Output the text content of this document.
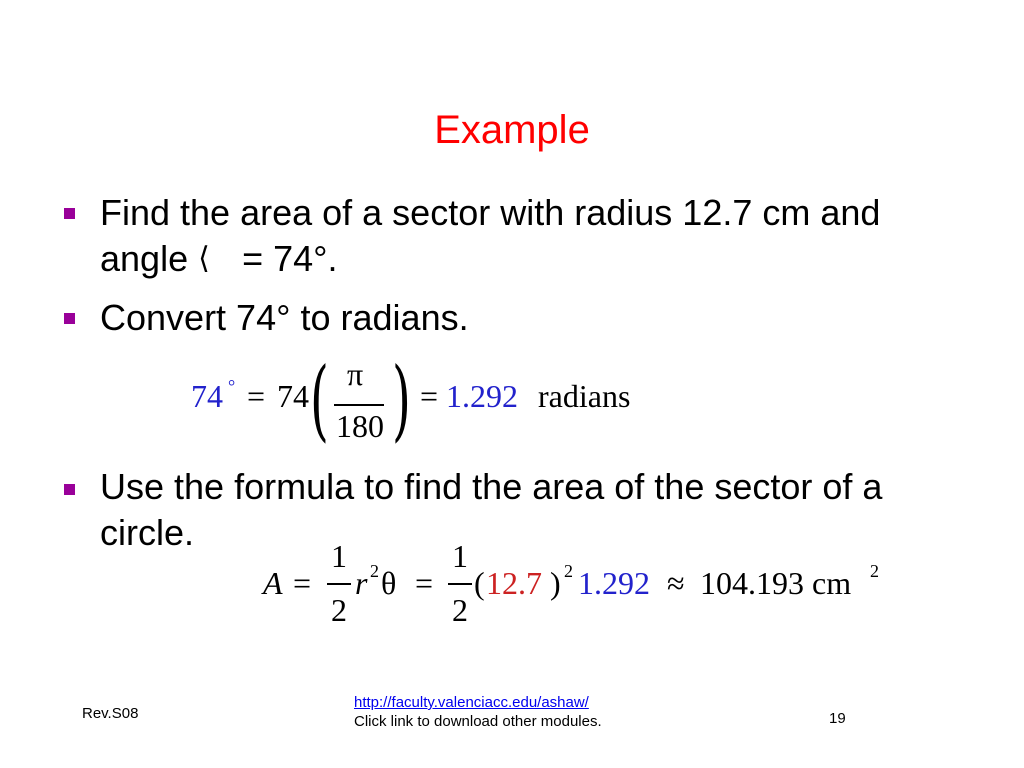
Example
Find the area of a sector with radius 12.7 cm and
angle ⟨ = 74°.
Convert 74° to radians.
74 ° = 74 ( π
180 ) = 1.292 radians
Use the formula to find the area of the sector of a
circle.
A =
1
2
r 2 θ =
1
2
( 12.7 ) 2 1.292 ≈ 104.193 cm 2
Rev.S08
http://faculty.valenciacc.edu/ashaw/
Click link to download other modules.	19
